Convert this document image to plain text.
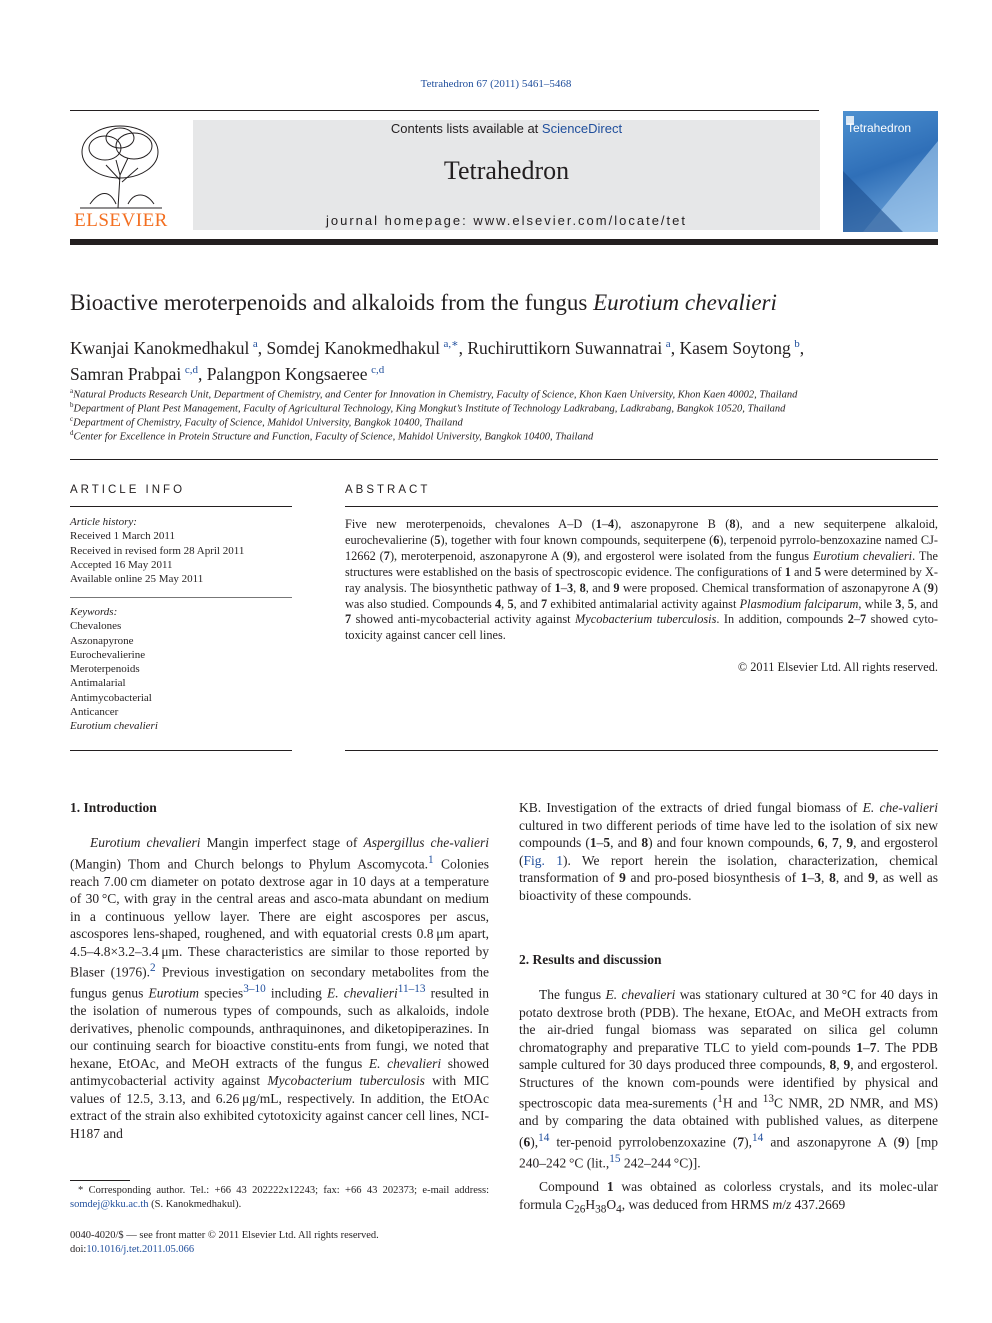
Tetrahedron 67 (2011) 5461–5468
ELSEVIER
Contents lists available at ScienceDirect
Tetrahedron
journal homepage: www.elsevier.com/locate/tet
Tetrahedron
Bioactive meroterpenoids and alkaloids from the fungus Eurotium chevalieri
Kwanjai Kanokmedhakul  $^a$, Somdej Kanokmedhakul  $^{a,∗}$, Ruchiruttikorn Suwannatrai  $^a$, Kasem Soytong  $^b$,
Samran Prabpai  $^{c,d}$, Palangpon Kongsaeree  $^{c,d}$
$^a$Natural Products Research Unit, Department of Chemistry, and Center for Innovation in Chemistry, Faculty of Science, Khon Kaen University, Khon Kaen 40002, Thailand
$^b$Department of Plant Pest Management, Faculty of Agricultural Technology, King Mongkut’s Institute of Technology Ladkrabang, Ladkrabang, Bangkok 10520, Thailand
$^c$Department of Chemistry, Faculty of Science, Mahidol University, Bangkok 10400, Thailand
$^d$Center for Excellence in Protein Structure and Function, Faculty of Science, Mahidol University, Bangkok 10400, Thailand
ARTICLE INFO
Article history:
Received 1 March 2011
Received in revised form 28 April 2011
Accepted 16 May 2011
Available online 25 May 2011
Keywords:
Chevalones
Aszonapyrone
Eurochevalierine
Meroterpenoids
Antimalarial
Antimycobacterial
Anticancer
Eurotium chevalieri
ABSTRACT
Five new meroterpenoids, chevalones A–D (1–4), aszonapyrone B (8), and a new sequiterpene alkaloid, eurochevalierine (5), together with four known compounds, sequiterpene (6), terpenoid pyrrolo-benzoxazine named CJ-12662 (7), meroterpenoid, aszonapyrone A (9), and ergosterol were isolated from the fungus Eurotium chevalieri. The structures were established on the basis of spectroscopic evidence. The configurations of 1 and 5 were determined by X-ray analysis. The biosynthetic pathway of 1–3, 8, and 9 were proposed. Chemical transformation of aszonapyrone A (9) was also studied. Compounds 4, 5, and 7 exhibited antimalarial activity against Plasmodium falciparum, while 3, 5, and 7 showed anti-mycobacterial activity against Mycobacterium tuberculosis. In addition, compounds 2–7 showed cyto-toxicity against cancer cell lines.
© 2011 Elsevier Ltd. All rights reserved.
1. Introduction
Eurotium chevalieri Mangin imperfect stage of Aspergillus che-valieri (Mangin) Thom and Church belongs to Phylum Ascomycota.$^1$ Colonies reach 7.00 cm diameter on potato dextrose agar in 10 days at a temperature of 30 °C, with gray in the central areas and asco-mata abundant on medium in a continuous yellow layer. There are eight ascospores per ascus, ascospores lens-shaped, roughened, and with equatorial crests 0.8 μm apart, 4.5–4.8×3.2–3.4 μm. These characteristics are similar to those reported by Blaser (1976).$^2$ Previous investigation on secondary metabolites from the fungus genus Eurotium species$^{3-10}$ including E. chevalieri$^{11-13}$ resulted in the isolation of numerous types of compounds, such as alkaloids, indole derivatives, phenolic compounds, anthraquinones, and diketopiperazines. In our continuing search for bioactive constitu-ents from fungi, we noted that hexane, EtOAc, and MeOH extracts of the fungus E. chevalieri showed antimycobacterial activity against Mycobacterium tuberculosis with MIC values of 12.5, 3.13, and 6.26 μg/mL, respectively. In addition, the EtOAc extract of the strain also exhibited cytotoxicity against cancer cell lines, NCI-H187 and
* Corresponding author. Tel.: +66 43 202222x12243; fax: +66 43 202373; e-mail address: somdej@kku.ac.th (S. Kanokmedhakul).
0040-4020/$ — see front matter © 2011 Elsevier Ltd. All rights reserved.
doi:10.1016/j.tet.2011.05.066
KB. Investigation of the extracts of dried fungal biomass of E. che-valieri cultured in two different periods of time have led to the isolation of six new compounds (1–5, and 8) and four known compounds, 6, 7, 9, and ergosterol (Fig. 1). We report herein the isolation, characterization, chemical transformation of 9 and pro-posed biosynthesis of 1–3, 8, and 9, as well as bioactivity of these compounds.
2. Results and discussion
The fungus E. chevalieri was stationary cultured at 30 °C for 40 days in potato dextrose broth (PDB). The hexane, EtOAc, and MeOH extracts from the air-dried fungal biomass was separated on silica gel column chromatography and preparative TLC to yield com-pounds 1–7. The PDB sample cultured for 30 days produced three compounds, 8, 9, and ergosterol. Structures of the known com-pounds were identified by physical and spectroscopic data mea-surements ($^1$H and $^{13}$C NMR, 2D NMR, and MS) and by comparing the data obtained with published values, as diterpene (6),$^{14}$ ter-penoid pyrrolobenzoxazine (7),$^{14}$ and aszonapyrone A (9) [mp 240–242 °C (lit.,$^{15}$ 242–244 °C)].
Compound 1 was obtained as colorless crystals, and its molec-ular formula $C_{26}H_{38}O_4$, was deduced from HRMS m/z 437.2669
